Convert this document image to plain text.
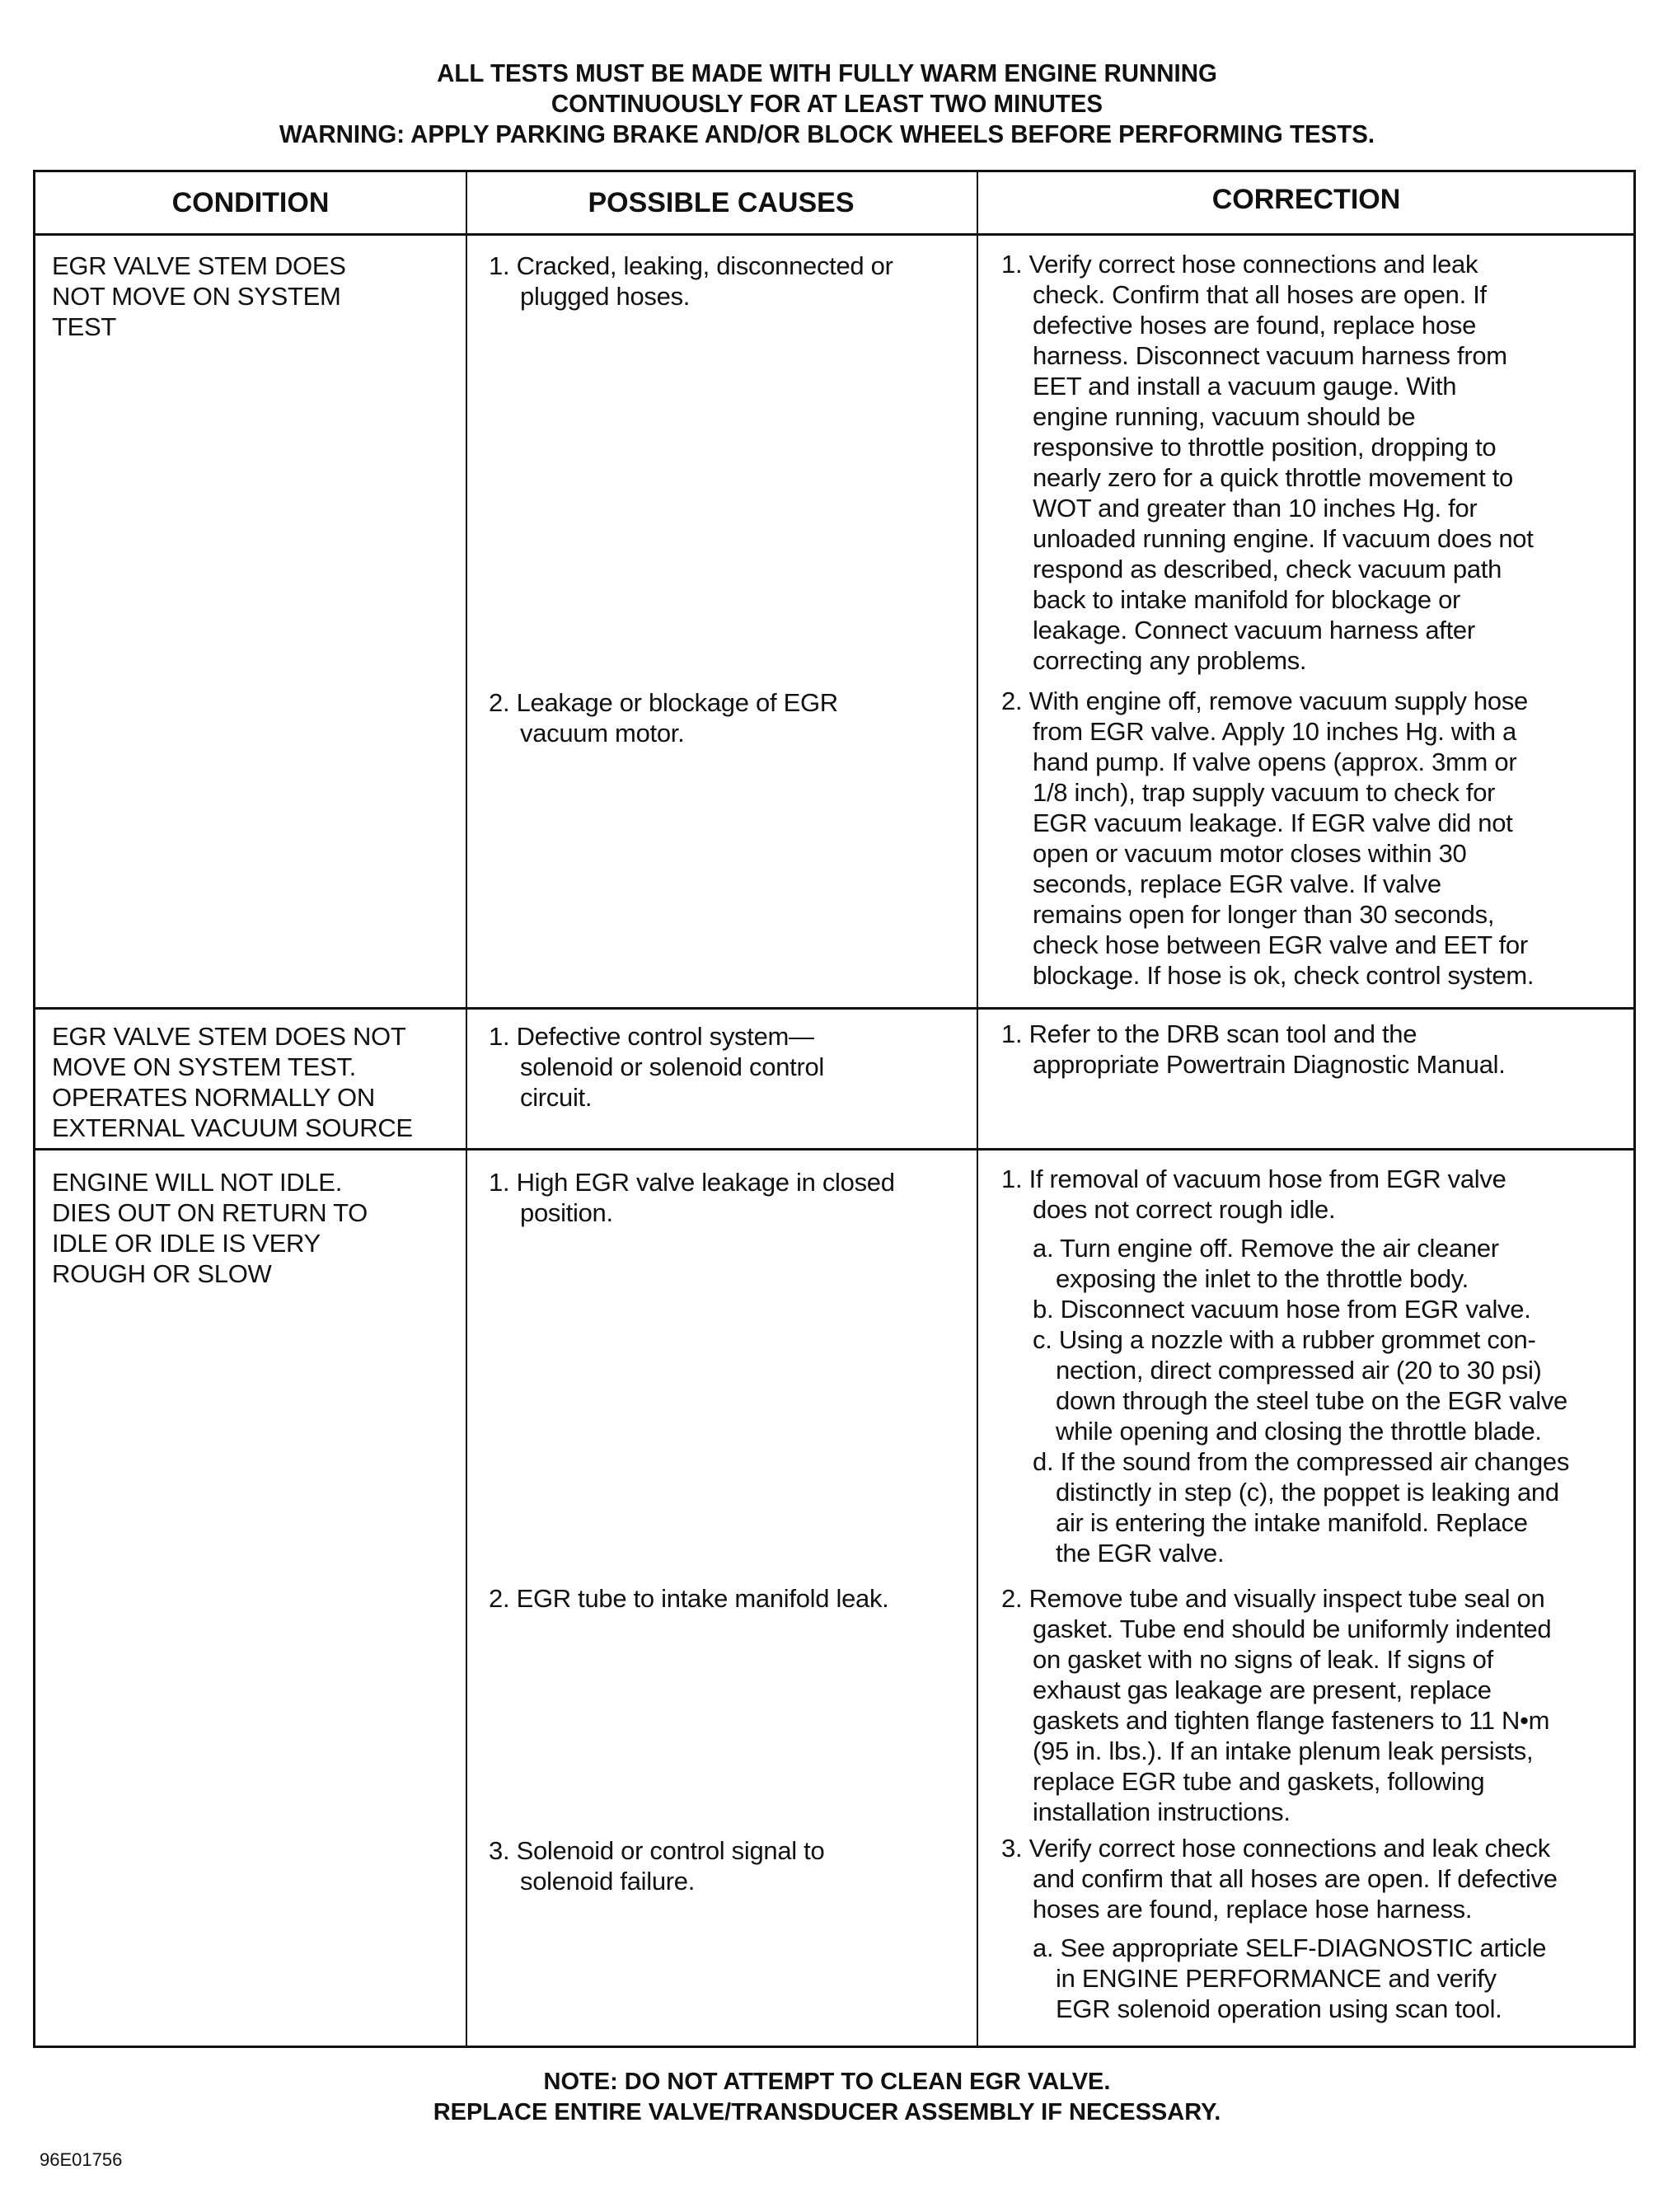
ALL TESTS MUST BE MADE WITH FULLY WARM ENGINE RUNNING
CONTINUOUSLY FOR AT LEAST TWO MINUTES
WARNING: APPLY PARKING BRAKE AND/OR BLOCK WHEELS BEFORE PERFORMING TESTS.
CONDITION	POSSIBLE CAUSES	CORRECTION
EGR VALVE STEM DOES
NOT MOVE ON SYSTEM
TEST
1. Cracked, leaking, disconnected or
plugged hoses.
2. Leakage or blockage of EGR
vacuum motor.
1. Verify correct hose connections and leak
check. Confirm that all hoses are open. If
defective hoses are found, replace hose
harness. Disconnect vacuum harness from
EET and install a vacuum gauge. With
engine running, vacuum should be
responsive to throttle position, dropping to
nearly zero for a quick throttle movement to
WOT and greater than 10 inches Hg. for
unloaded running engine. If vacuum does not
respond as described, check vacuum path
back to intake manifold for blockage or
leakage. Connect vacuum harness after
correcting any problems.
2. With engine off, remove vacuum supply hose
from EGR valve. Apply 10 inches Hg. with a
hand pump. If valve opens (approx. 3mm or
1/8 inch), trap supply vacuum to check for
EGR vacuum leakage. If EGR valve did not
open or vacuum motor closes within 30
seconds, replace EGR valve. If valve
remains open for longer than 30 seconds,
check hose between EGR valve and EET for
blockage. If hose is ok, check control system.
EGR VALVE STEM DOES NOT
MOVE ON SYSTEM TEST.
OPERATES NORMALLY ON
EXTERNAL VACUUM SOURCE
1. Defective control system—
solenoid or solenoid control
circuit.
1. Refer to the DRB scan tool and the
appropriate Powertrain Diagnostic Manual.
ENGINE WILL NOT IDLE.
DIES OUT ON RETURN TO
IDLE OR IDLE IS VERY
ROUGH OR SLOW
1. High EGR valve leakage in closed
position.
2. EGR tube to intake manifold leak.
3. Solenoid or control signal to
solenoid failure.
1. If removal of vacuum hose from EGR valve
does not correct rough idle.
a. Turn engine off. Remove the air cleaner
exposing the inlet to the throttle body.
b. Disconnect vacuum hose from EGR valve.
c. Using a nozzle with a rubber grommet con-
nection, direct compressed air (20 to 30 psi)
down through the steel tube on the EGR valve
while opening and closing the throttle blade.
d. If the sound from the compressed air changes
distinctly in step (c), the poppet is leaking and
air is entering the intake manifold. Replace
the EGR valve.
2. Remove tube and visually inspect tube seal on
gasket. Tube end should be uniformly indented
on gasket with no signs of leak. If signs of
exhaust gas leakage are present, replace
gaskets and tighten flange fasteners to 11 N•m
(95 in. lbs.). If an intake plenum leak persists,
replace EGR tube and gaskets, following
installation instructions.
3. Verify correct hose connections and leak check
and confirm that all hoses are open. If defective
hoses are found, replace hose harness.
a. See appropriate SELF-DIAGNOSTIC article
in ENGINE PERFORMANCE and verify
EGR solenoid operation using scan tool.
NOTE: DO NOT ATTEMPT TO CLEAN EGR VALVE.
REPLACE ENTIRE VALVE/TRANSDUCER ASSEMBLY IF NECESSARY.
96E01756
